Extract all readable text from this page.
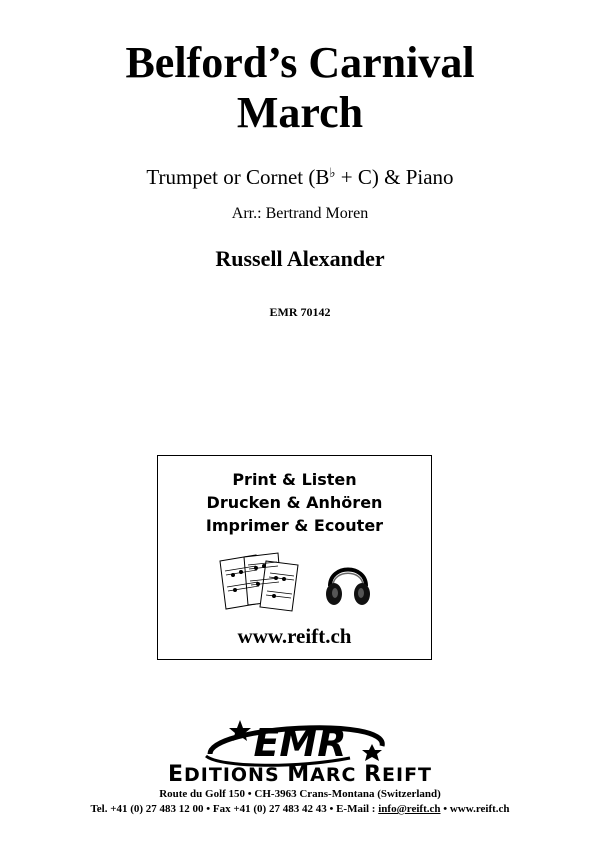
Belford’s Carnival
March
Trumpet or Cornet (B♭ + C) & Piano
Arr.: Bertrand Moren
Russell Alexander
EMR 70142
Print & Listen
Drucken & Anhören
Imprimer & Ecouter
www.reift.ch
EMR
EDITIONS MARC REIFT
Route du Golf 150 • CH-3963 Crans-Montana (Switzerland)
Tel. +41 (0) 27 483 12 00 • Fax +41 (0) 27 483 42 43 • E-Mail : info@reift.ch • www.reift.ch
